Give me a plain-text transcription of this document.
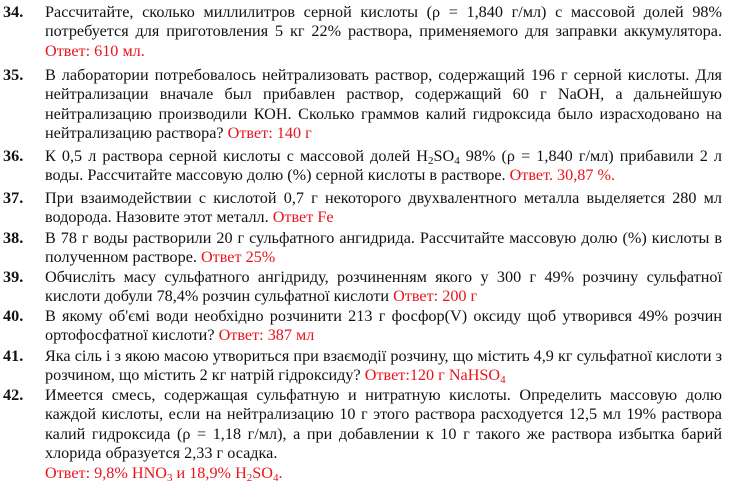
34.	Рассчитайте, сколько миллилитров серной кислоты (ρ = 1,840 г/мл) с массовой долей 98% потребуется для приготовления 5 кг 22% раствора, применяемого для заправки аккумулятора. Ответ: 610 мл.
35.	В лаборатории потребовалось нейтрализовать раствор, содержащий 196 г серной кислоты. Для нейтрализации вначале был прибавлен раствор, содержащий 60 г NaOH, а дальнейшую нейтрализацию производили КОН. Сколько граммов калий гидроксида было израсходовано на нейтрализацию раствора? Ответ: 140 г
36.	К 0,5 л раствора серной кислоты с массовой долей $H_2SO_4$ 98% (ρ = 1,840 г/мл) прибавили 2 л воды. Рассчитайте массовую долю (%) серной кислоты в растворе. Ответ. 30,87 %.
37.	При взаимодействии с кислотой 0,7 г некоторого двухвалентного металла выделяется 280 мл водорода. Назовите этот металл. Ответ Fe
38.	В 78 г воды растворили 20 г сульфатного ангидрида. Рассчитайте массовую долю (%) кислоты в полученном растворе. Ответ 25%
39.	Обчисліть масу сульфатного ангідриду, розчиненням якого у 300 г 49% розчину сульфатної кислоти добули 78,4% розчин сульфатної кислоти Ответ: 200 г
40.	В якому об'ємі води необхідно розчинити 213 г фосфор(V) оксиду щоб утворився 49% розчин ортофосфатної кислоти? Ответ: 387 мл
41.	Яка сіль і з якою масою утвориться при взаємодії розчину, що містить 4,9 кг сульфатної кислоти з розчином, що містить 2 кг натрій гідроксиду? Ответ:120 г NaHSO$_4$
42.	Имеется смесь, содержащая сульфатную и нитратную кислоты. Определить массовую долю каждой кислоты, если на нейтрализацию 10 г этого раствора расходуется 12,5 мл 19% раствора калий гидроксида (ρ = 1,18 г/мл), а при добавлении к 10 г такого же раствора избытка барий хлорида образуется 2,33 г осадка.
Ответ: 9,8% $HNO_3$ и 18,9% $H_2SO_4$.
